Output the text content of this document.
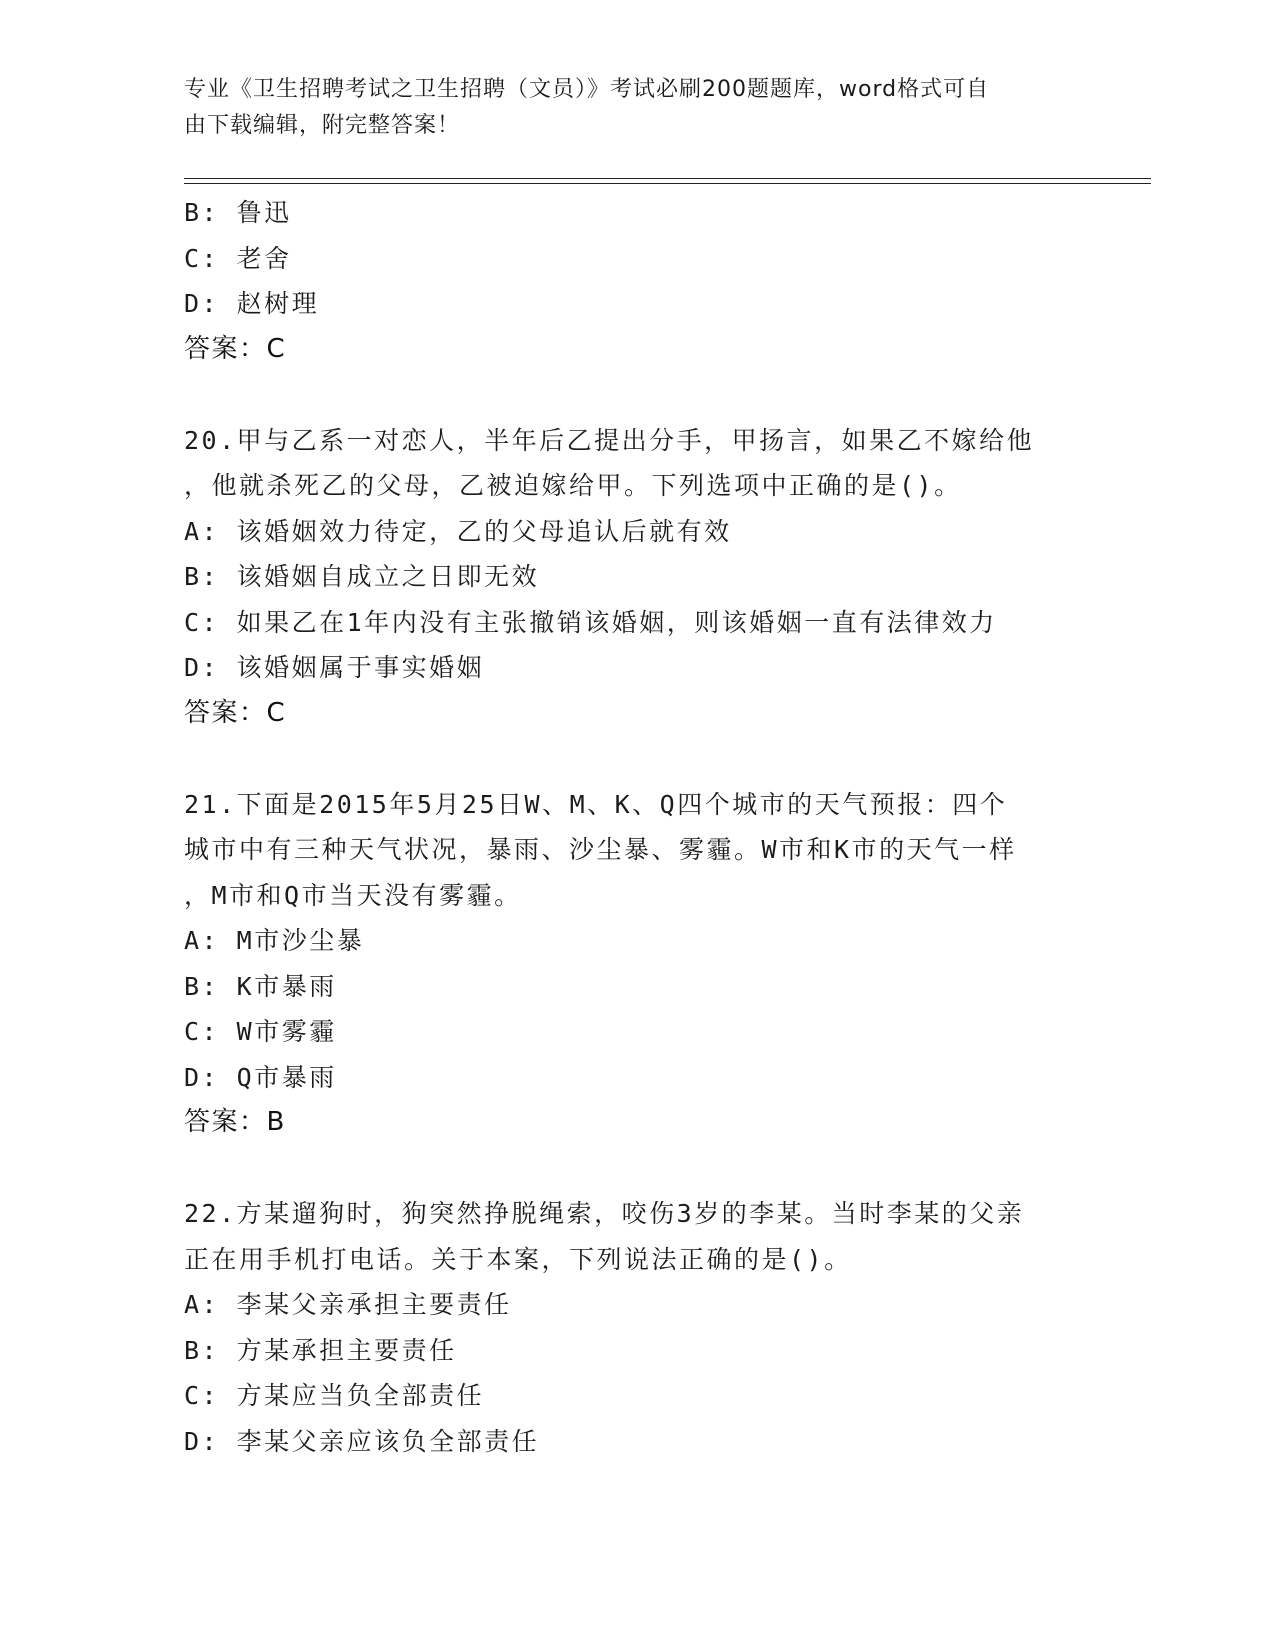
专业《卫生招聘考试之卫生招聘（文员）》考试必刷200题题库，word格式可自
由下载编辑，附完整答案！
B: 鲁迅
C: 老舍
D: 赵树理
答案：C
20.甲与乙系一对恋人，半年后乙提出分手，甲扬言，如果乙不嫁给他
，他就杀死乙的父母，乙被迫嫁给甲。下列选项中正确的是()。
A: 该婚姻效力待定，乙的父母追认后就有效
B: 该婚姻自成立之日即无效
C: 如果乙在1年内没有主张撤销该婚姻，则该婚姻一直有法律效力
D: 该婚姻属于事实婚姻
答案：C
21.下面是2015年5月25日W、M、K、Q四个城市的天气预报：四个
城市中有三种天气状况，暴雨、沙尘暴、雾霾。W市和K市的天气一样
，M市和Q市当天没有雾霾。
A: M市沙尘暴
B: K市暴雨
C: W市雾霾
D: Q市暴雨
答案：B
22.方某遛狗时，狗突然挣脱绳索，咬伤3岁的李某。当时李某的父亲
正在用手机打电话。关于本案，下列说法正确的是()。
A: 李某父亲承担主要责任
B: 方某承担主要责任
C: 方某应当负全部责任
D: 李某父亲应该负全部责任
